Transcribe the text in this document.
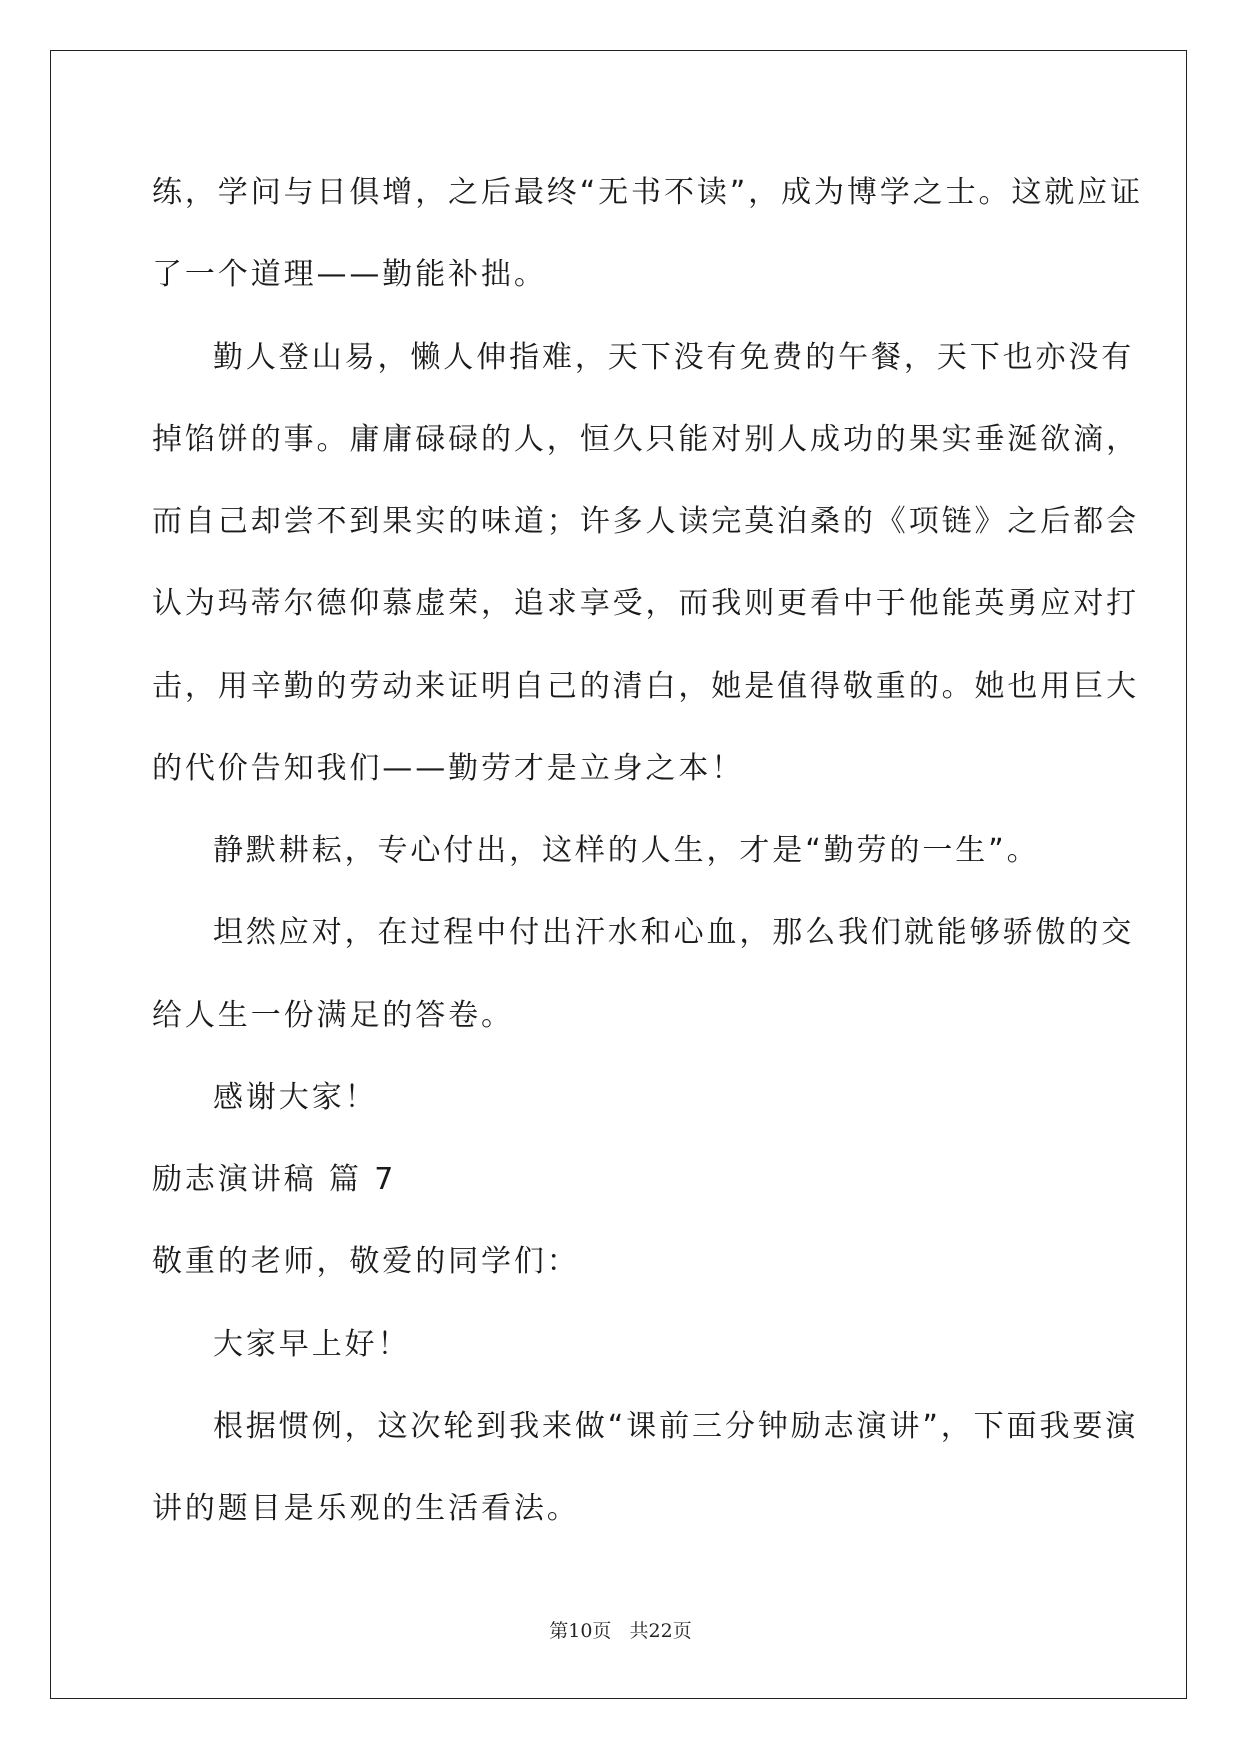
练，学问与日俱增，之后最终“无书不读”，成为博学之士。这就应证
了一个道理——勤能补拙。
勤人登山易，懒人伸指难，天下没有免费的午餐，天下也亦没有
掉馅饼的事。庸庸碌碌的人，恒久只能对别人成功的果实垂涎欲滴，
而自己却尝不到果实的味道；许多人读完莫泊桑的《项链》之后都会
认为玛蒂尔德仰慕虚荣，追求享受，而我则更看中于他能英勇应对打
击，用辛勤的劳动来证明自己的清白，她是值得敬重的。她也用巨大
的代价告知我们——勤劳才是立身之本！
静默耕耘，专心付出，这样的人生，才是“勤劳的一生”。
坦然应对，在过程中付出汗水和心血，那么我们就能够骄傲的交
给人生一份满足的答卷。
感谢大家！
励志演讲稿 篇 7
敬重的老师，敬爱的同学们：
大家早上好！
根据惯例，这次轮到我来做“课前三分钟励志演讲”，下面我要演
讲的题目是乐观的生活看法。
第10页   共22页
